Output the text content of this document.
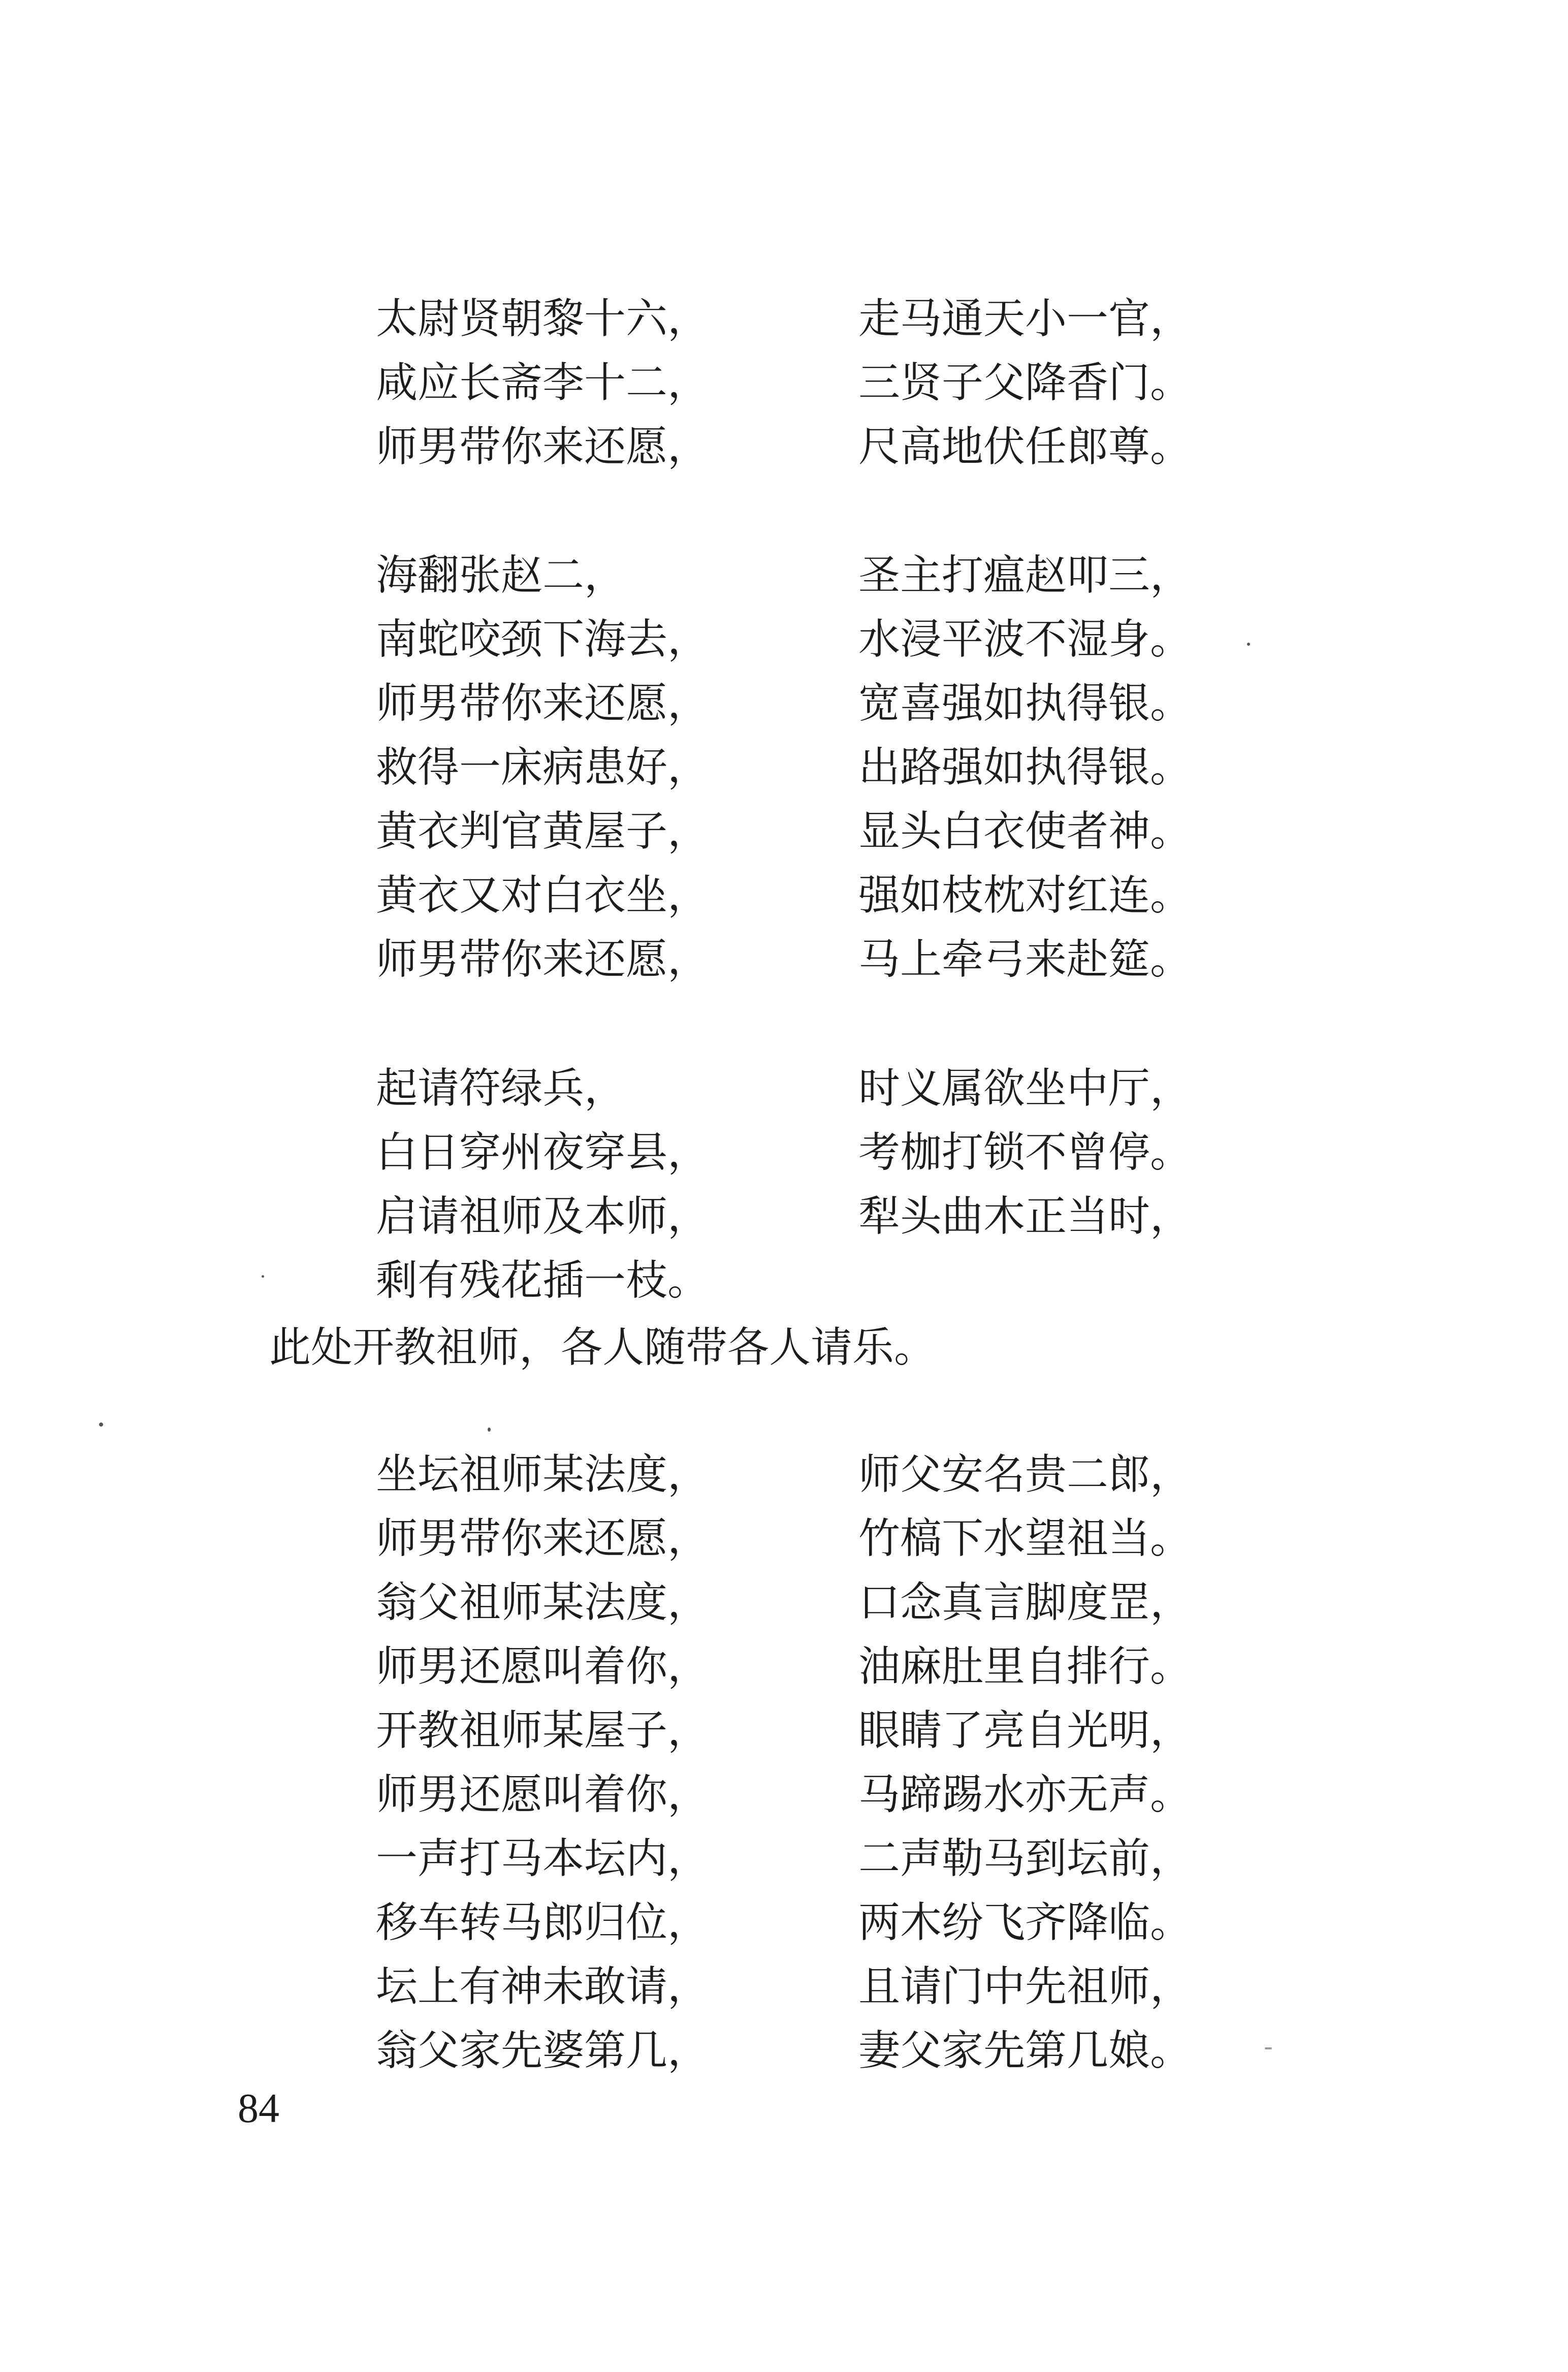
太尉贤朝黎十六，	走马通天小一官，
咸应长斋李十二，	三贤子父降香门。
师男带你来还愿，	尺高地伏任郎尊。
海翻张赵二，	圣主打瘟赵叩三，
南蛇咬颈下海去，	水浸平波不湿身。
师男带你来还愿，	宽喜强如执得银。
救得一床病患好，	出路强如执得银。
黄衣判官黄屋子，	显头白衣使者神。
黄衣又对白衣坐，	强如枝枕对红连。
师男带你来还愿，	马上牵弓来赴筵。
起请符绿兵，	时义属欲坐中厅，
白日穿州夜穿县，	考枷打锁不曾停。
启请祖师及本师，	犁头曲木正当时，
剩有残花插一枝。
此处开教祖师，各人随带各人请乐。
坐坛祖师某法度，	师父安名贵二郎，
师男带你来还愿，	竹槁下水望祖当。
翁父祖师某法度，	口念真言脚度罡，
师男还愿叫着你，	油麻肚里自排行。
开教祖师某屋子，	眼睛了亮自光明，
师男还愿叫着你，	马蹄踢水亦无声。
一声打马本坛内，	二声勒马到坛前，
移车转马郎归位，	两木纷飞齐降临。
坛上有神未敢请，	且请门中先祖师，
翁父家先婆第几，	妻父家先第几娘。
84
